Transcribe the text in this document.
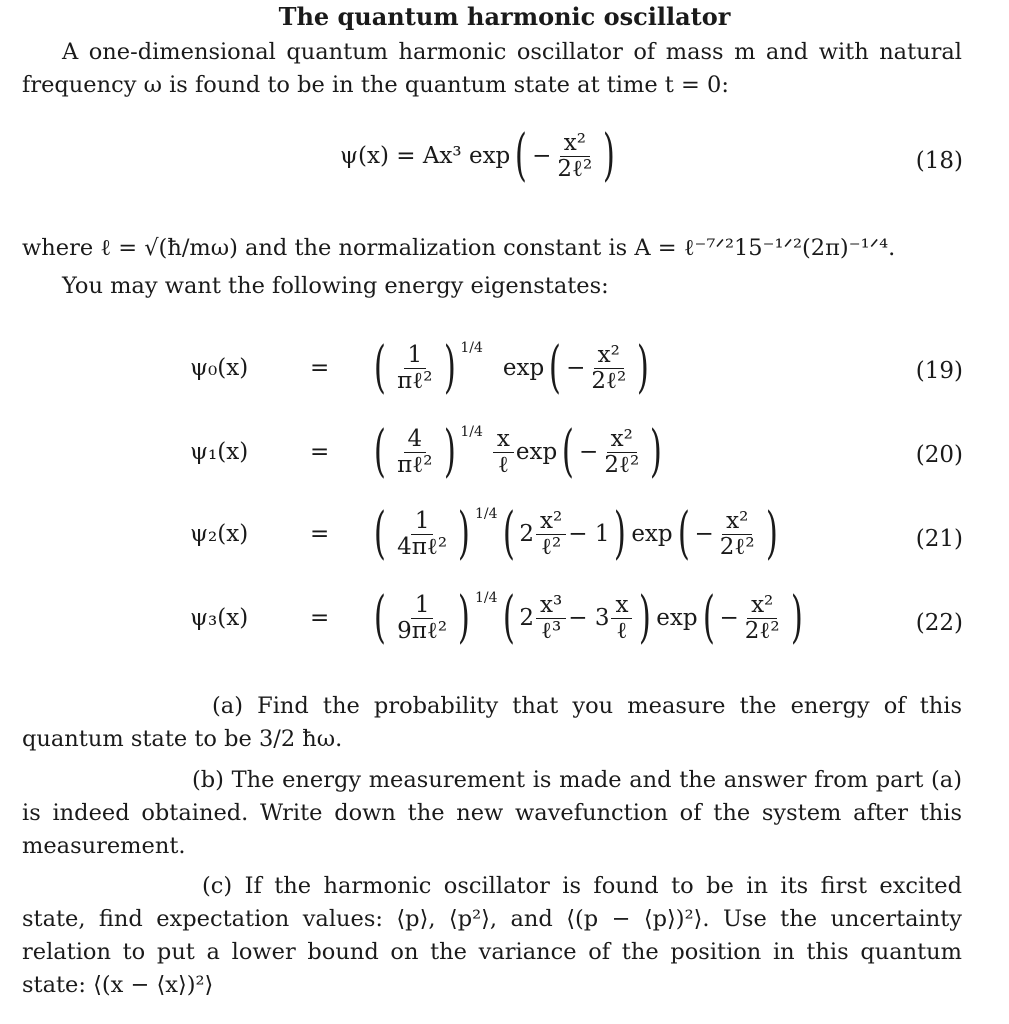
The quantum harmonic oscillator
A one-dimensional quantum harmonic oscillator of mass m and with natural frequency ω is found to be in the quantum state at time t = 0:
ψ(x) = Ax³ exp ( − $\frac{\text{x²}}{\text{2ℓ²}}$ )	(18)
where ℓ = √(ħ/mω) and the normalization constant is A = ℓ⁻⁷ᐟ²15⁻¹ᐟ²(2π)⁻¹ᐟ⁴.
You may want the following energy eigenstates:
ψ₀(x)	= ( $\frac{1}{\text{πℓ²}}$ ) 1/4
exp ( − $\frac{\text{x²}}{\text{2ℓ²}}$ )	(19)
ψ₁(x)	= ( $\frac{4}{\text{πℓ²}}$ ) $1/4 \frac{x}{\text{ℓ}}$ exp ( − $\frac{\text{x²}}{\text{2ℓ²}}$ )	(20)
ψ₂(x)	= ( $\frac{1}{\text{4πℓ²}}$ ) 1/4 ( $2 \frac{\text{x²}}{\text{ℓ²}} - 1$ ) exp ( − $\frac{\text{x²}}{\text{2ℓ²}}$ )	(21)
ψ₃(x)	= ( $\frac{1}{\text{9πℓ²}}$ ) 1/4 ( $2 \frac{\text{x³}}{\text{ℓ³}} - 3 \frac{x}{\text{ℓ}}$ ) exp ( − $\frac{\text{x²}}{\text{2ℓ²}}$ )	(22)
(a) Find the probability that you measure the energy of this quantum state to be 3/2 ħω.
(b) The energy measurement is made and the answer from part (a) is indeed obtained. Write down the new wavefunction of the system after this measurement.
(c) If the harmonic oscillator is found to be in its first excited state, find expectation values: ⟨p⟩, ⟨p²⟩, and ⟨(p − ⟨p⟩)²⟩. Use the uncertainty relation to put a lower bound on the variance of the position in this quantum state: ⟨(x − ⟨x⟩)²⟩
